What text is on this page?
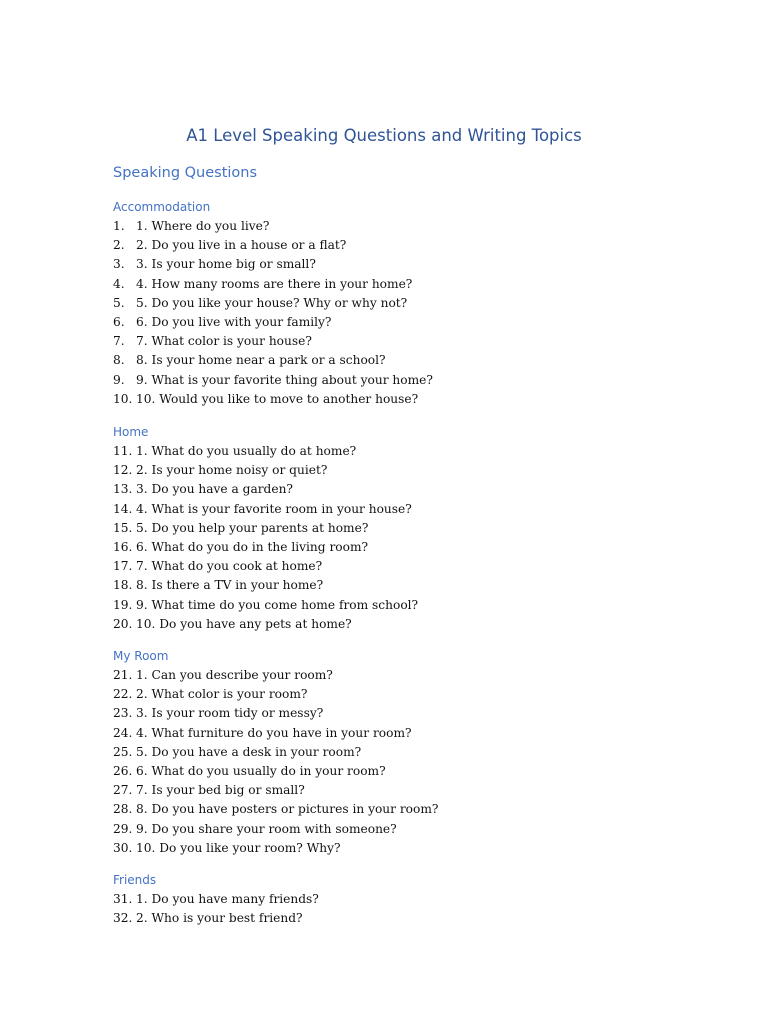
A1 Level Speaking Questions and Writing Topics
Speaking Questions
Accommodation
1. 1. Where do you live?
2. 2. Do you live in a house or a flat?
3. 3. Is your home big or small?
4. 4. How many rooms are there in your home?
5. 5. Do you like your house? Why or why not?
6. 6. Do you live with your family?
7. 7. What color is your house?
8. 8. Is your home near a park or a school?
9. 9. What is your favorite thing about your home?
10. 10. Would you like to move to another house?
Home
11. 1. What do you usually do at home?
12. 2. Is your home noisy or quiet?
13. 3. Do you have a garden?
14. 4. What is your favorite room in your house?
15. 5. Do you help your parents at home?
16. 6. What do you do in the living room?
17. 7. What do you cook at home?
18. 8. Is there a TV in your home?
19. 9. What time do you come home from school?
20. 10. Do you have any pets at home?
My Room
21. 1. Can you describe your room?
22. 2. What color is your room?
23. 3. Is your room tidy or messy?
24. 4. What furniture do you have in your room?
25. 5. Do you have a desk in your room?
26. 6. What do you usually do in your room?
27. 7. Is your bed big or small?
28. 8. Do you have posters or pictures in your room?
29. 9. Do you share your room with someone?
30. 10. Do you like your room? Why?
Friends
31. 1. Do you have many friends?
32. 2. Who is your best friend?
